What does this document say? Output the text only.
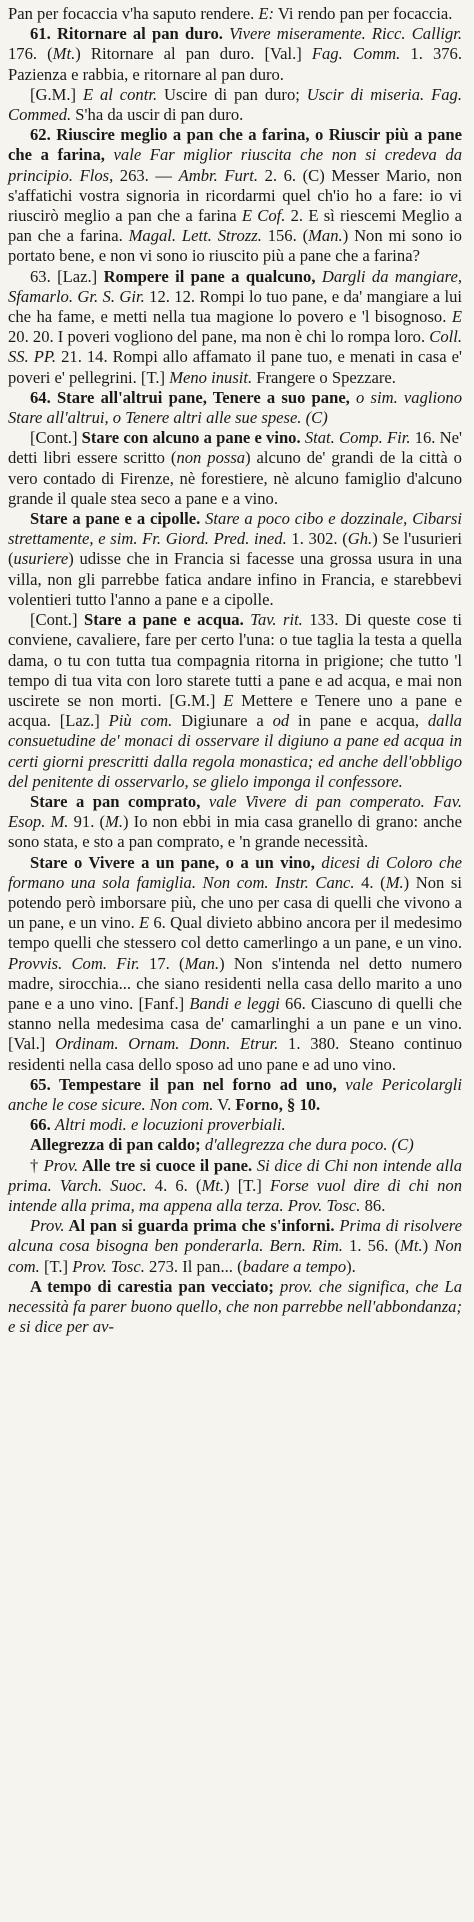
Pan per focaccia v'ha saputo rendere. E: Vi rendo pan per focaccia.

61. Ritornare al pan duro. Vivere miseramente. Ricc. Calligr. 176. (Mt.) Ritornare al pan duro. [Val.] Fag. Comm. 1. 376. Pazienza e rabbia, e ritornare al pan duro.

[G.M.] E al contr. Uscire di pan duro; Uscir di miseria. Fag. Commed. S'ha da uscir di pan duro.

62. Riuscire meglio a pan che a farina, o Riuscir più a pane che a farina, vale Far miglior riuscita che non si credeva da principio. Flos, 263. — Ambr. Furt. 2. 6. (C) Messer Mario, non s'affatichi vostra signoria in ricordarmi quel ch'io ho a fare: io vi riuscirò meglio a pan che a farina E Cof. 2. E sì riescemi Meglio a pan che a farina. Magal. Lett. Strozz. 156. (Man.) Non mi sono io portato bene, e non vi sono io riuscito più a pane che a farina?

63. [Laz.] Rompere il pane a qualcuno, Dargli da mangiare, Sfamarlo. Gr. S. Gir. 12. 12. Rompi lo tuo pane, e da' mangiare a lui che ha fame, e metti nella tua magione lo povero e 'l bisognoso. E 20. 20. I poveri vogliono del pane, ma non è chi lo rompa loro. Coll. SS. PP. 21. 14. Rompi allo affamato il pane tuo, e menati in casa e' poveri e' pellegrini. [T.] Meno inusit. Frangere o Spezzare.

64. Stare all'altrui pane, Tenere a suo pane, o sim. vagliono Stare all'altrui, o Tenere altri alle sue spese. (C)

[Cont.] Stare con alcuno a pane e vino. Stat. Comp. Fir. 16. Ne' detti libri essere scritto (non possa) alcuno de' grandi de la città o vero contado di Firenze, nè forestiere, nè alcuno famiglio d'alcuno grande il quale stea seco a pane e a vino.

Stare a pane e a cipolle. Stare a poco cibo e dozzinale, Cibarsi strettamente, e sim. Fr. Giord. Pred. ined. 1. 302. (Gh.) Se l'usurieri (usuriere) udisse che in Francia si facesse una grossa usura in una villa, non gli parrebbe fatica andare infino in Francia, e starebbevi volentieri tutto l'anno a pane e a cipolle.

[Cont.] Stare a pane e acqua. Tav. rit. 133. Di queste cose ti conviene, cavaliere, fare per certo l'una: o tue taglia la testa a quella dama, o tu con tutta tua compagnia ritorna in prigione; che tutto 'l tempo di tua vita con loro starete tutti a pane e ad acqua, e mai non uscirete se non morti. [G.M.] E Mettere e Tenere uno a pane e acqua. [Laz.] Più com. Digiunare a od in pane e acqua, dalla consuetudine de' monaci di osservare il digiuno a pane ed acqua in certi giorni prescritti dalla regola monastica; ed anche dell'obbligo del penitente di osservarlo, se glielo imponga il confessore.

Stare a pan comprato, vale Vivere di pan comperato. Fav. Esop. M. 91. (M.) Io non ebbi in mia casa granello di grano: anche sono stata, e sto a pan comprato, e 'n grande necessità.

Stare o Vivere a un pane, o a un vino, dicesi di Coloro che formano una sola famiglia. Non com. Instr. Canc. 4. (M.) Non si potendo però imborsare più, che uno per casa di quelli che vivono a un pane, e un vino. E 6. Qual divieto abbino ancora per il medesimo tempo quelli che stessero col detto camerlingo a un pane, e un vino. Provvis. Com. Fir. 17. (Man.) Non s'intenda nel detto numero madre, sirocchia... che siano residenti nella casa dello marito a uno pane e a uno vino. [Fanf.] Bandi e leggi 66. Ciascuno di quelli che stanno nella medesima casa de' camarlinghi a un pane e un vino. [Val.] Ordinam. Ornam. Donn. Etrur. 1. 380. Steano continuo residenti nella casa dello sposo ad uno pane e ad uno vino.

65. Tempestare il pan nel forno ad uno, vale Pericolargli anche le cose sicure. Non com. V. Forno, § 10.

66. Altri modi. e locuzioni proverbiali.

Allegrezza di pan caldo; d'allegrezza che dura poco. (C)

† Prov. Alle tre si cuoce il pane. Si dice di Chi non intende alla prima. Varch. Suoc. 4. 6. (Mt.) [T.] Forse vuol dire di chi non intende alla prima, ma appena alla terza. Prov. Tosc. 86.

Prov. Al pan si guarda prima che s'inforni. Prima di risolvere alcuna cosa bisogna ben ponderarla. Bern. Rim. 1. 56. (Mt.) Non com. [T.] Prov. Tosc. 273. Il pan... (badare a tempo).

A tempo di carestia pan vecciato; prov. che significa, che La necessità fa parer buono quello, che non parrebbe nell'abbondanza; e si dice per av-
